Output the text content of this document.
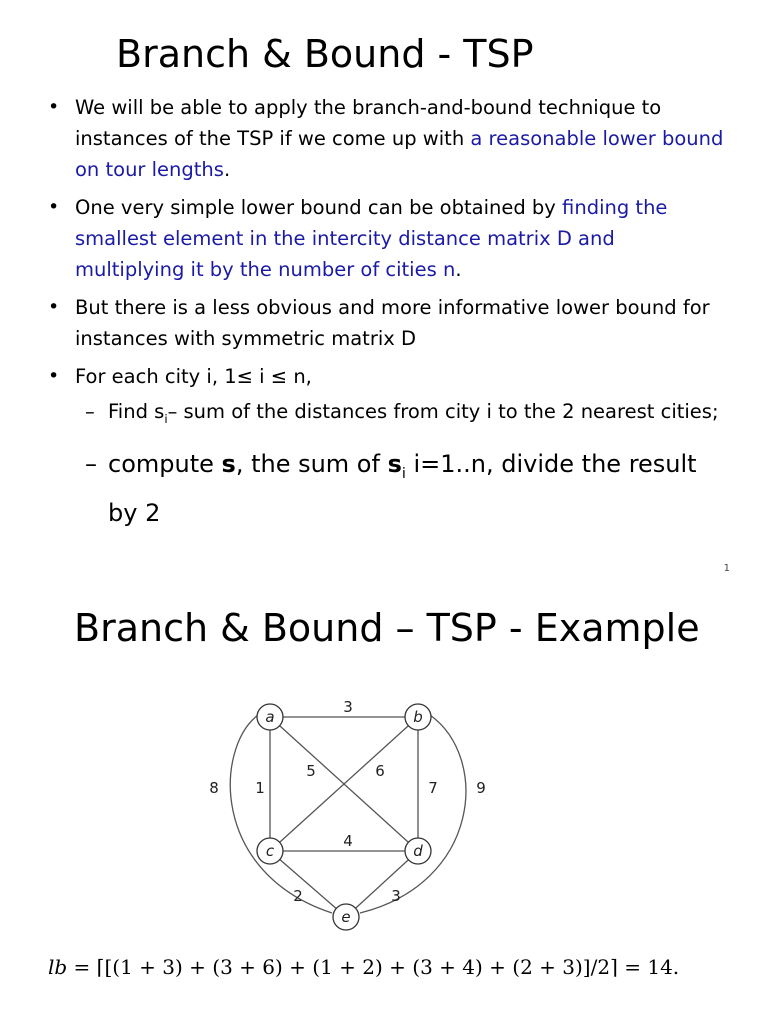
Branch & Bound - TSP
• We will be able to apply the branch-and-bound technique to instances of the TSP if we come up with a reasonable lower bound on tour lengths.
• One very simple lower bound can be obtained by finding the smallest element in the intercity distance matrix D and multiplying it by the number of cities n.
• But there is a less obvious and more informative lower bound for instances with symmetric matrix D
• For each city i, 1≤ i ≤ n,
– Find $s_i-$ sum of the distances from city i to the 2 nearest cities;
– compute s, the sum of $s_i$ i=1..n, divide the result by 2
1
Branch & Bound – TSP - Example
a	b
c	d
e
3
1
5	6
7
4
2	3
8	9
lb = ⌈[(1 + 3) + (3 + 6) + (1 + 2) + (3 + 4) + (2 + 3)]/2⌉ = 14.
